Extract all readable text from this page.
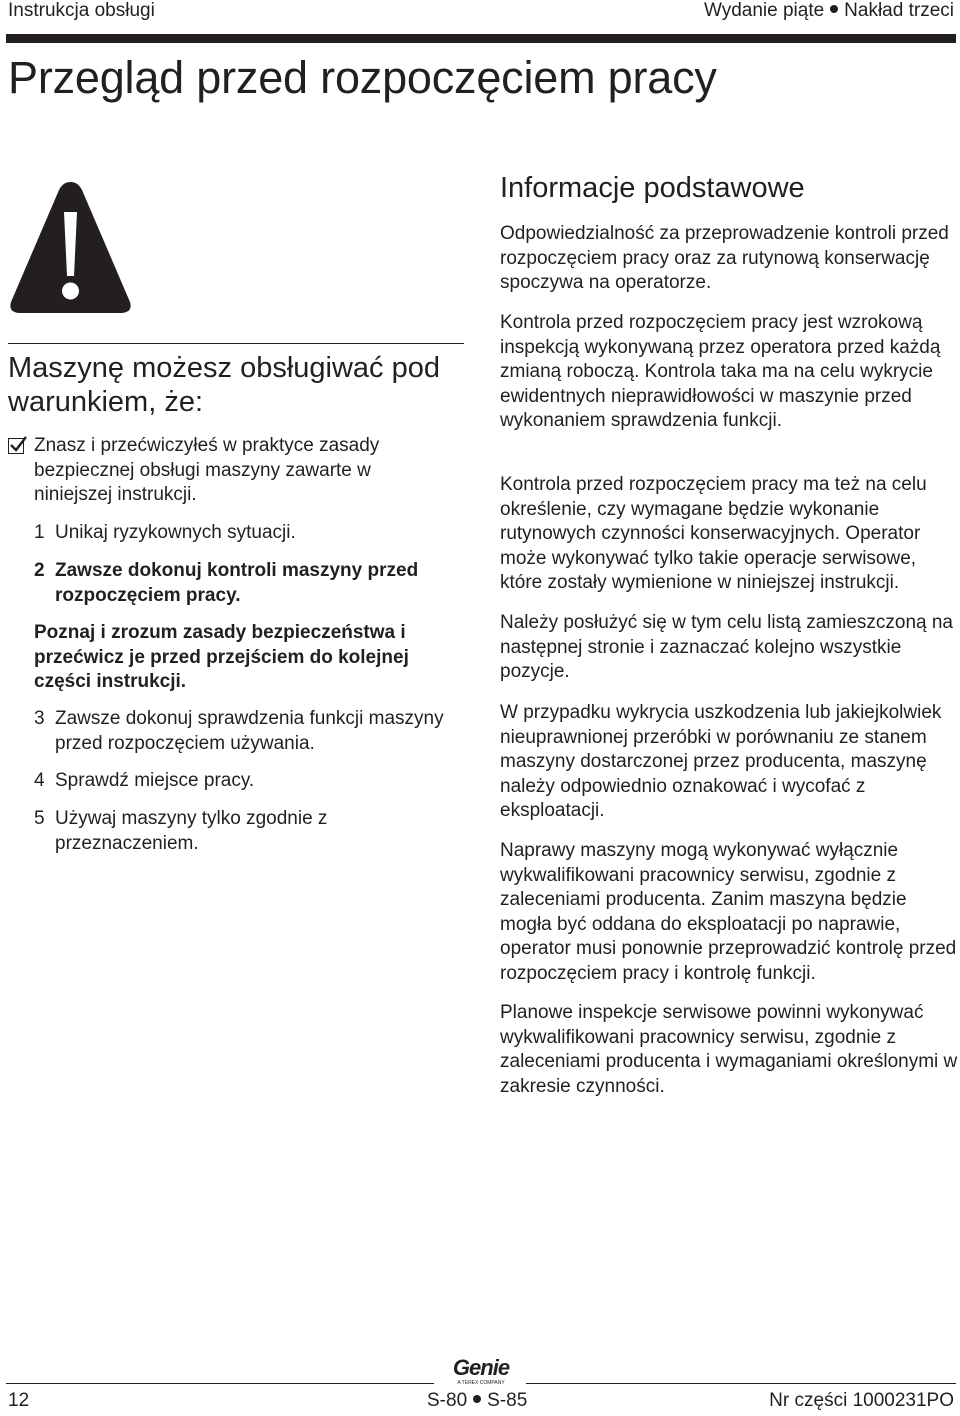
Instrukcja obsługi	Wydanie piąte Nakład trzeci
Przegląd przed rozpoczęciem pracy
Maszynę możesz obsługiwać pod
warunkiem, że:
Znasz i przećwiczyłeś w praktyce zasady bezpiecznej obsługi maszyny zawarte w niniejszej instrukcji.
1 Unikaj ryzykownych sytuacji.
2 Zawsze dokonuj kontroli maszyny przed rozpoczęciem pracy.
Poznaj i zrozum zasady bezpieczeństwa i przećwicz je przed przejściem do kolejnej części instrukcji.
3 Zawsze dokonuj sprawdzenia funkcji maszyny przed rozpoczęciem używania.
4 Sprawdź miejsce pracy.
5 Używaj maszyny tylko zgodnie z przeznaczeniem.
Informacje podstawowe

Odpowiedzialność za przeprowadzenie kontroli przed rozpoczęciem pracy oraz za rutynową konserwację spoczywa na operatorze.

Kontrola przed rozpoczęciem pracy jest wzrokową inspekcją wykonywaną przez operatora przed każdą zmianą roboczą. Kontrola taka ma na celu wykrycie ewidentnych nieprawidłowości w maszynie przed wykonaniem sprawdzenia funkcji.

Kontrola przed rozpoczęciem pracy ma też na celu określenie, czy wymagane będzie wykonanie rutynowych czynności konserwacyjnych. Operator może wykonywać tylko takie operacje serwisowe, które zostały wymienione w niniejszej instrukcji.

Należy posłużyć się w tym celu listą zamieszczoną na następnej stronie i zaznaczać kolejno wszystkie pozycje.

W przypadku wykrycia uszkodzenia lub jakiejkolwiek nieuprawnionej przeróbki w porównaniu ze stanem maszyny dostarczonej przez producenta, maszynę należy odpowiednio oznakować i wycofać z eksploatacji.

Naprawy maszyny mogą wykonywać wyłącznie wykwalifikowani pracownicy serwisu, zgodnie z zaleceniami producenta. Zanim maszyna będzie mogła być oddana do eksploatacji po naprawie, operator musi ponownie przeprowadzić kontrolę przed rozpoczęciem pracy i kontrolę funkcji.

Planowe inspekcje serwisowe powinni wykonywać wykwalifikowani pracownicy serwisu, zgodnie z zaleceniami producenta i wymaganiami określonymi w zakresie czynności.

Genie
A TEREX COMPANY
12	S-80 S-85	Nr części 1000231PO
